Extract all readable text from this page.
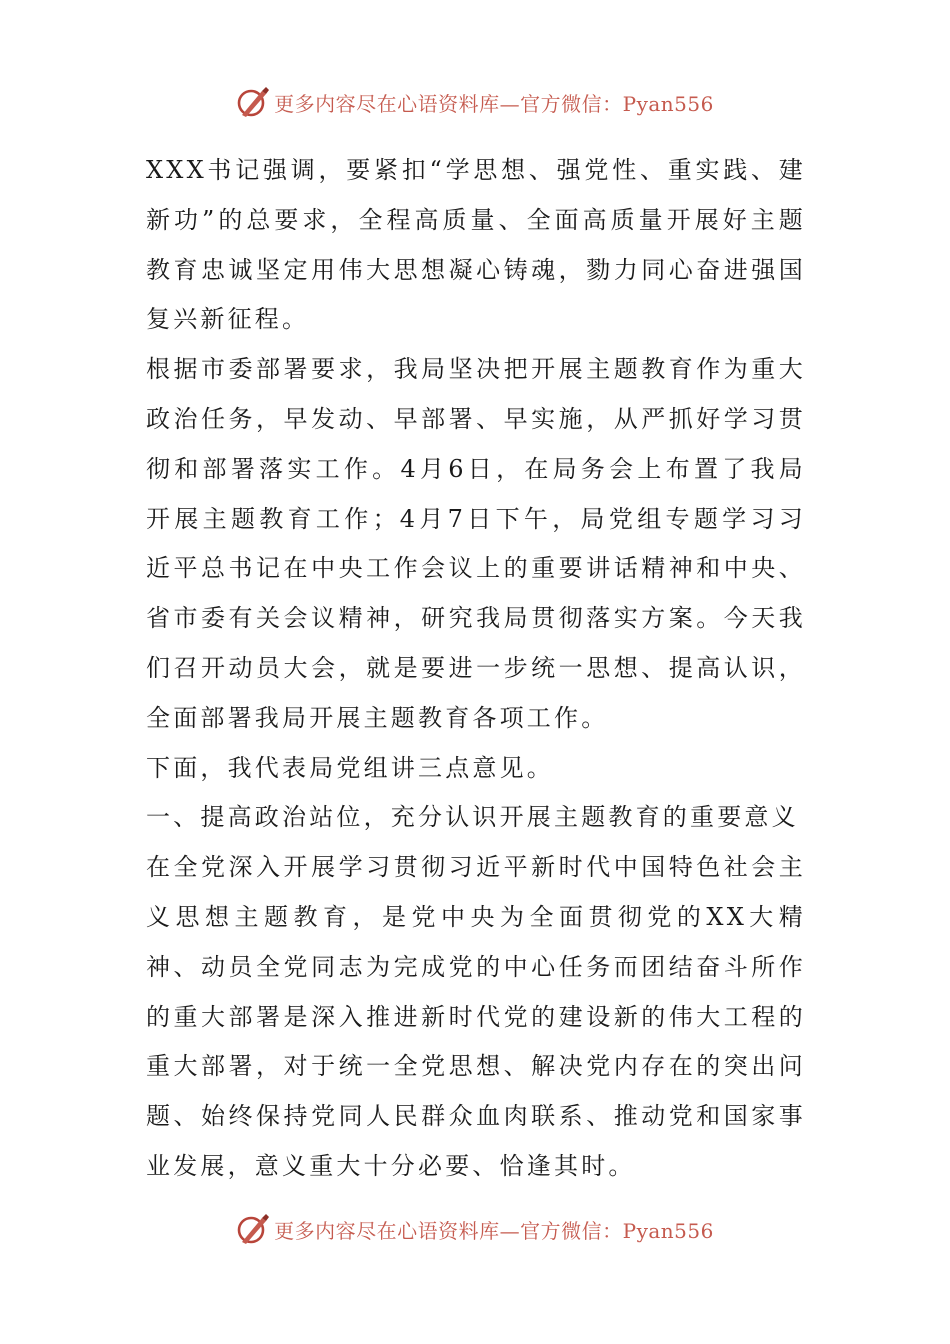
更多内容尽在心语资料库—官方微信：Pyan556

XXX书记强调，要紧扣“学思想、强党性、重实践、建新功”的总要求，全程高质量、全面高质量开展好主题教育忠诚坚定用伟大思想凝心铸魂，勠力同心奋进强国复兴新征程。

根据市委部署要求，我局坚决把开展主题教育作为重大政治任务，早发动、早部署、早实施，从严抓好学习贯彻和部署落实工作。4月6日，在局务会上布置了我局开展主题教育工作；4月7日下午，局党组专题学习习近平总书记在中央工作会议上的重要讲话精神和中央、省市委有关会议精神，研究我局贯彻落实方案。今天我们召开动员大会，就是要进一步统一思想、提高认识，全面部署我局开展主题教育各项工作。

下面，我代表局党组讲三点意见。

一、提高政治站位，充分认识开展主题教育的重要意义

在全党深入开展学习贯彻习近平新时代中国特色社会主义思想主题教育，是党中央为全面贯彻党的XX大精神、动员全党同志为完成党的中心任务而团结奋斗所作的重大部署是深入推进新时代党的建设新的伟大工程的重大部署，对于统一全党思想、解决党内存在的突出问题、始终保持党同人民群众血肉联系、推动党和国家事业发展，意义重大十分必要、恰逢其时。

更多内容尽在心语资料库—官方微信：Pyan556
